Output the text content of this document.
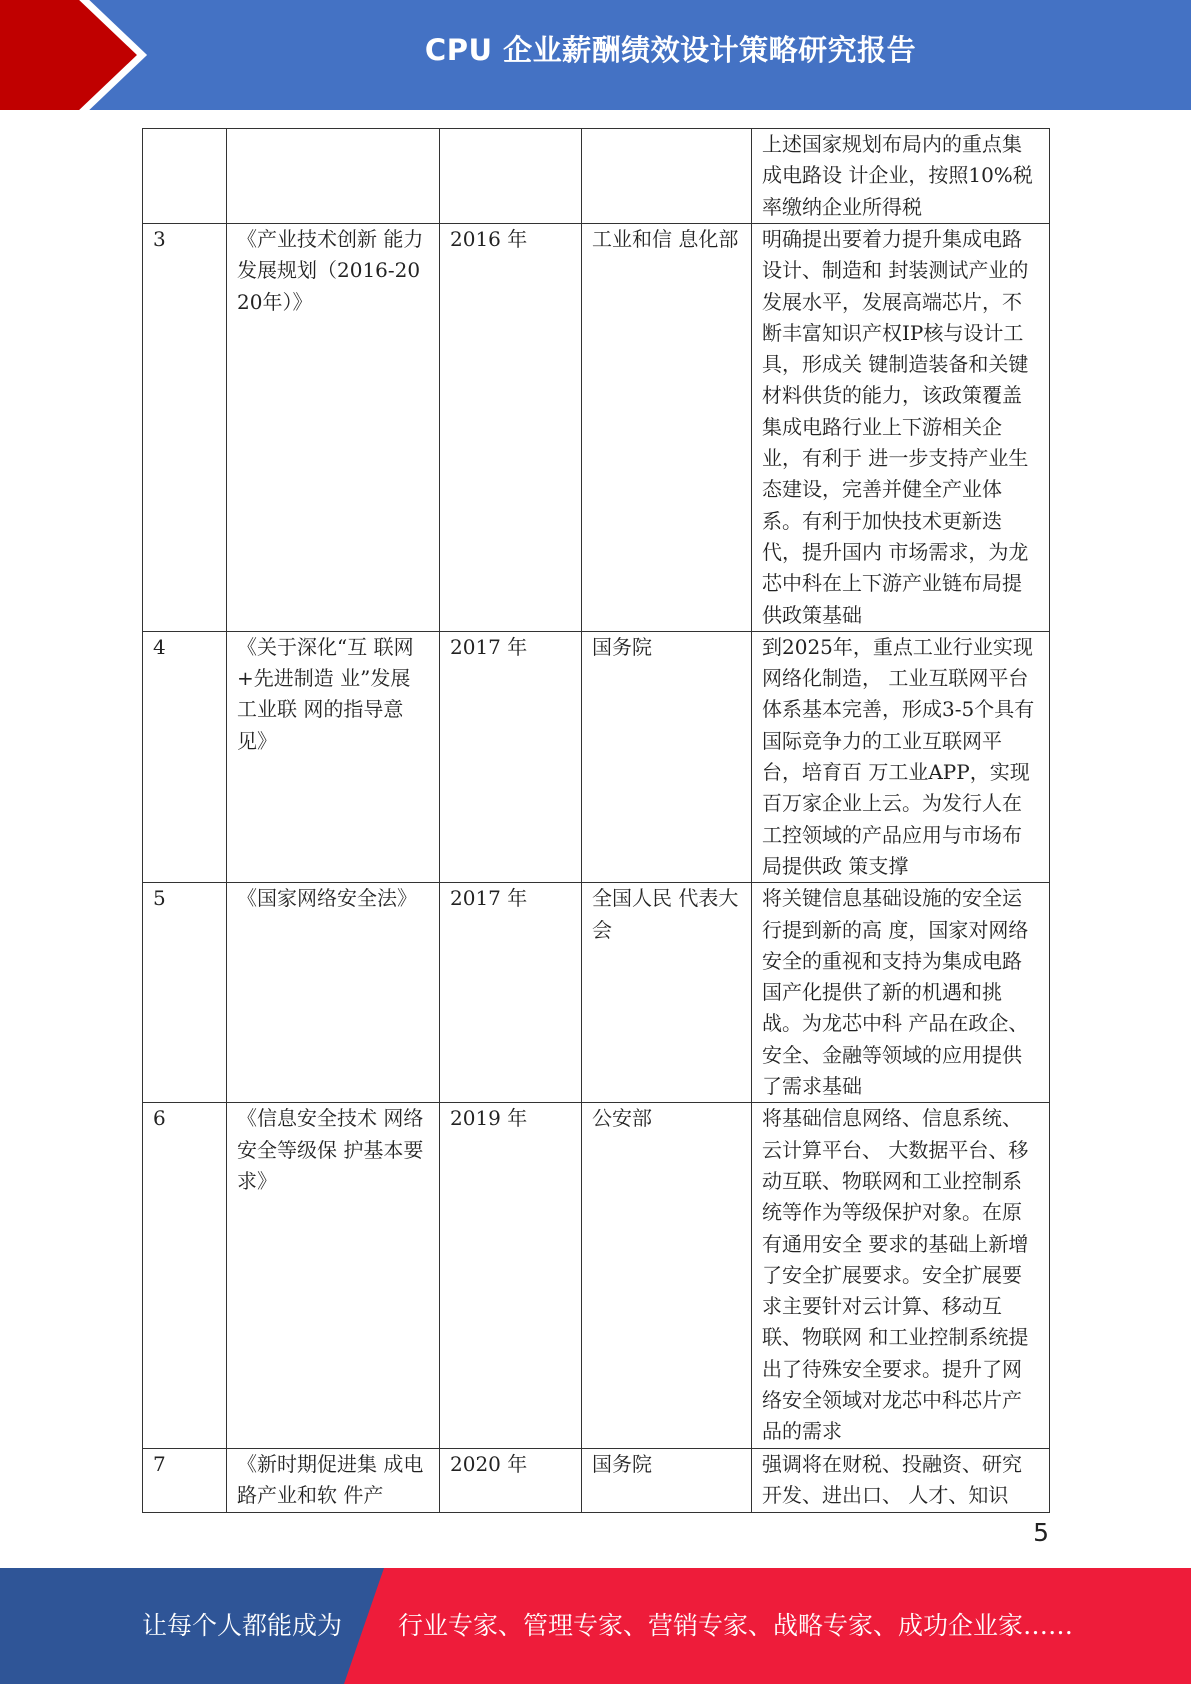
CPU 企业薪酬绩效设计策略研究报告
				上述国家规划布局内的重点集成电路设 计企业，按照10%税率缴纳企业所得税
3	《产业技术创新 能力发展规划（2016-2020年）》	2016 年	工业和信 息化部	明确提出要着力提升集成电路设计、制造和 封装测试产业的发展水平，发展高端芯片，不断丰富知识产权IP核与设计工具，形成关 键制造装备和关键材料供货的能力，该政策覆盖集成电路行业上下游相关企业，有利于 进一步支持产业生态建设，完善并健全产业体系。有利于加快技术更新迭代，提升国内 市场需求，为龙芯中科在上下游产业链布局提 供政策基础
4	《关于深化“互 联网+先进制造 业”发展工业联 网的指导意见》	2017 年	国务院	到2025年，重点工业行业实现网络化制造， 工业互联网平台体系基本完善，形成3-5个具有国际竞争力的工业互联网平台，培育百 万工业APP，实现百万家企业上云。为发行人在工控领域的产品应用与市场布局提供政 策支撑
5	《国家网络安全法》	2017 年	全国人民 代表大会	将关键信息基础设施的安全运行提到新的高 度，国家对网络安全的重视和支持为集成电路国产化提供了新的机遇和挑战。为龙芯中科 产品在政企、安全、金融等领域的应用提供 了需求基础
6	《信息安全技术 网络安全等级保 护基本要求》	2019 年	公安部	将基础信息网络、信息系统、云计算平台、 大数据平台、移动互联、物联网和工业控制系统等作为等级保护对象。在原有通用安全 要求的基础上新增了安全扩展要求。安全扩展要求主要针对云计算、移动互联、物联网 和工业控制系统提出了待殊安全要求。提升了网络安全领域对龙芯中科芯片产品的需求
7	《新时期促进集 成电路产业和软 件产	2020 年	国务院	强调将在财税、投融资、研究开发、进出口、 人才、知识
5
让每个人都能成为 行业专家、管理专家、营销专家、战略专家、成功企业家……
